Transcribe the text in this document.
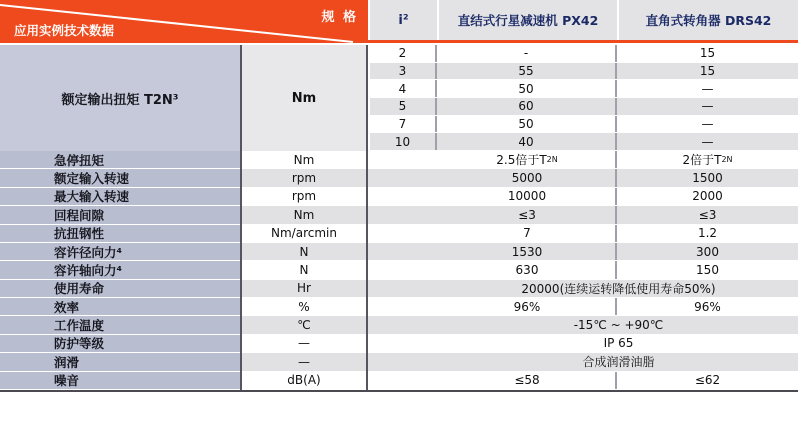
规 格
应用实例技术数据
i²	直结式行星减速机 PX42	直角式转角器 DRS42
额定输出扭矩 T2N³	Nm
2	-	15
3	55	15
4	50	—
5	60	—
7	50	—
10	40	—
急停扭矩	Nm	2.5倍于T 2N	2倍于T 2N
额定输入转速	rpm	5000	1500
最大输入转速	rpm	10000	2000
回程间隙	Nm	≤3	≤3
抗扭钢性	Nm/arcmin	7	1.2
容许径向力⁴	N	1530	300
容许轴向力⁴	N	630	150
使用寿命	Hr	20000(连续运转降低使用寿命50%)
效率	%	96%	96%
工作温度	℃	-15℃ ~ +90℃
防护等级	—	IP 65
润滑	—	合成润滑油脂
噪音	dB(A)	≤58	≤62
